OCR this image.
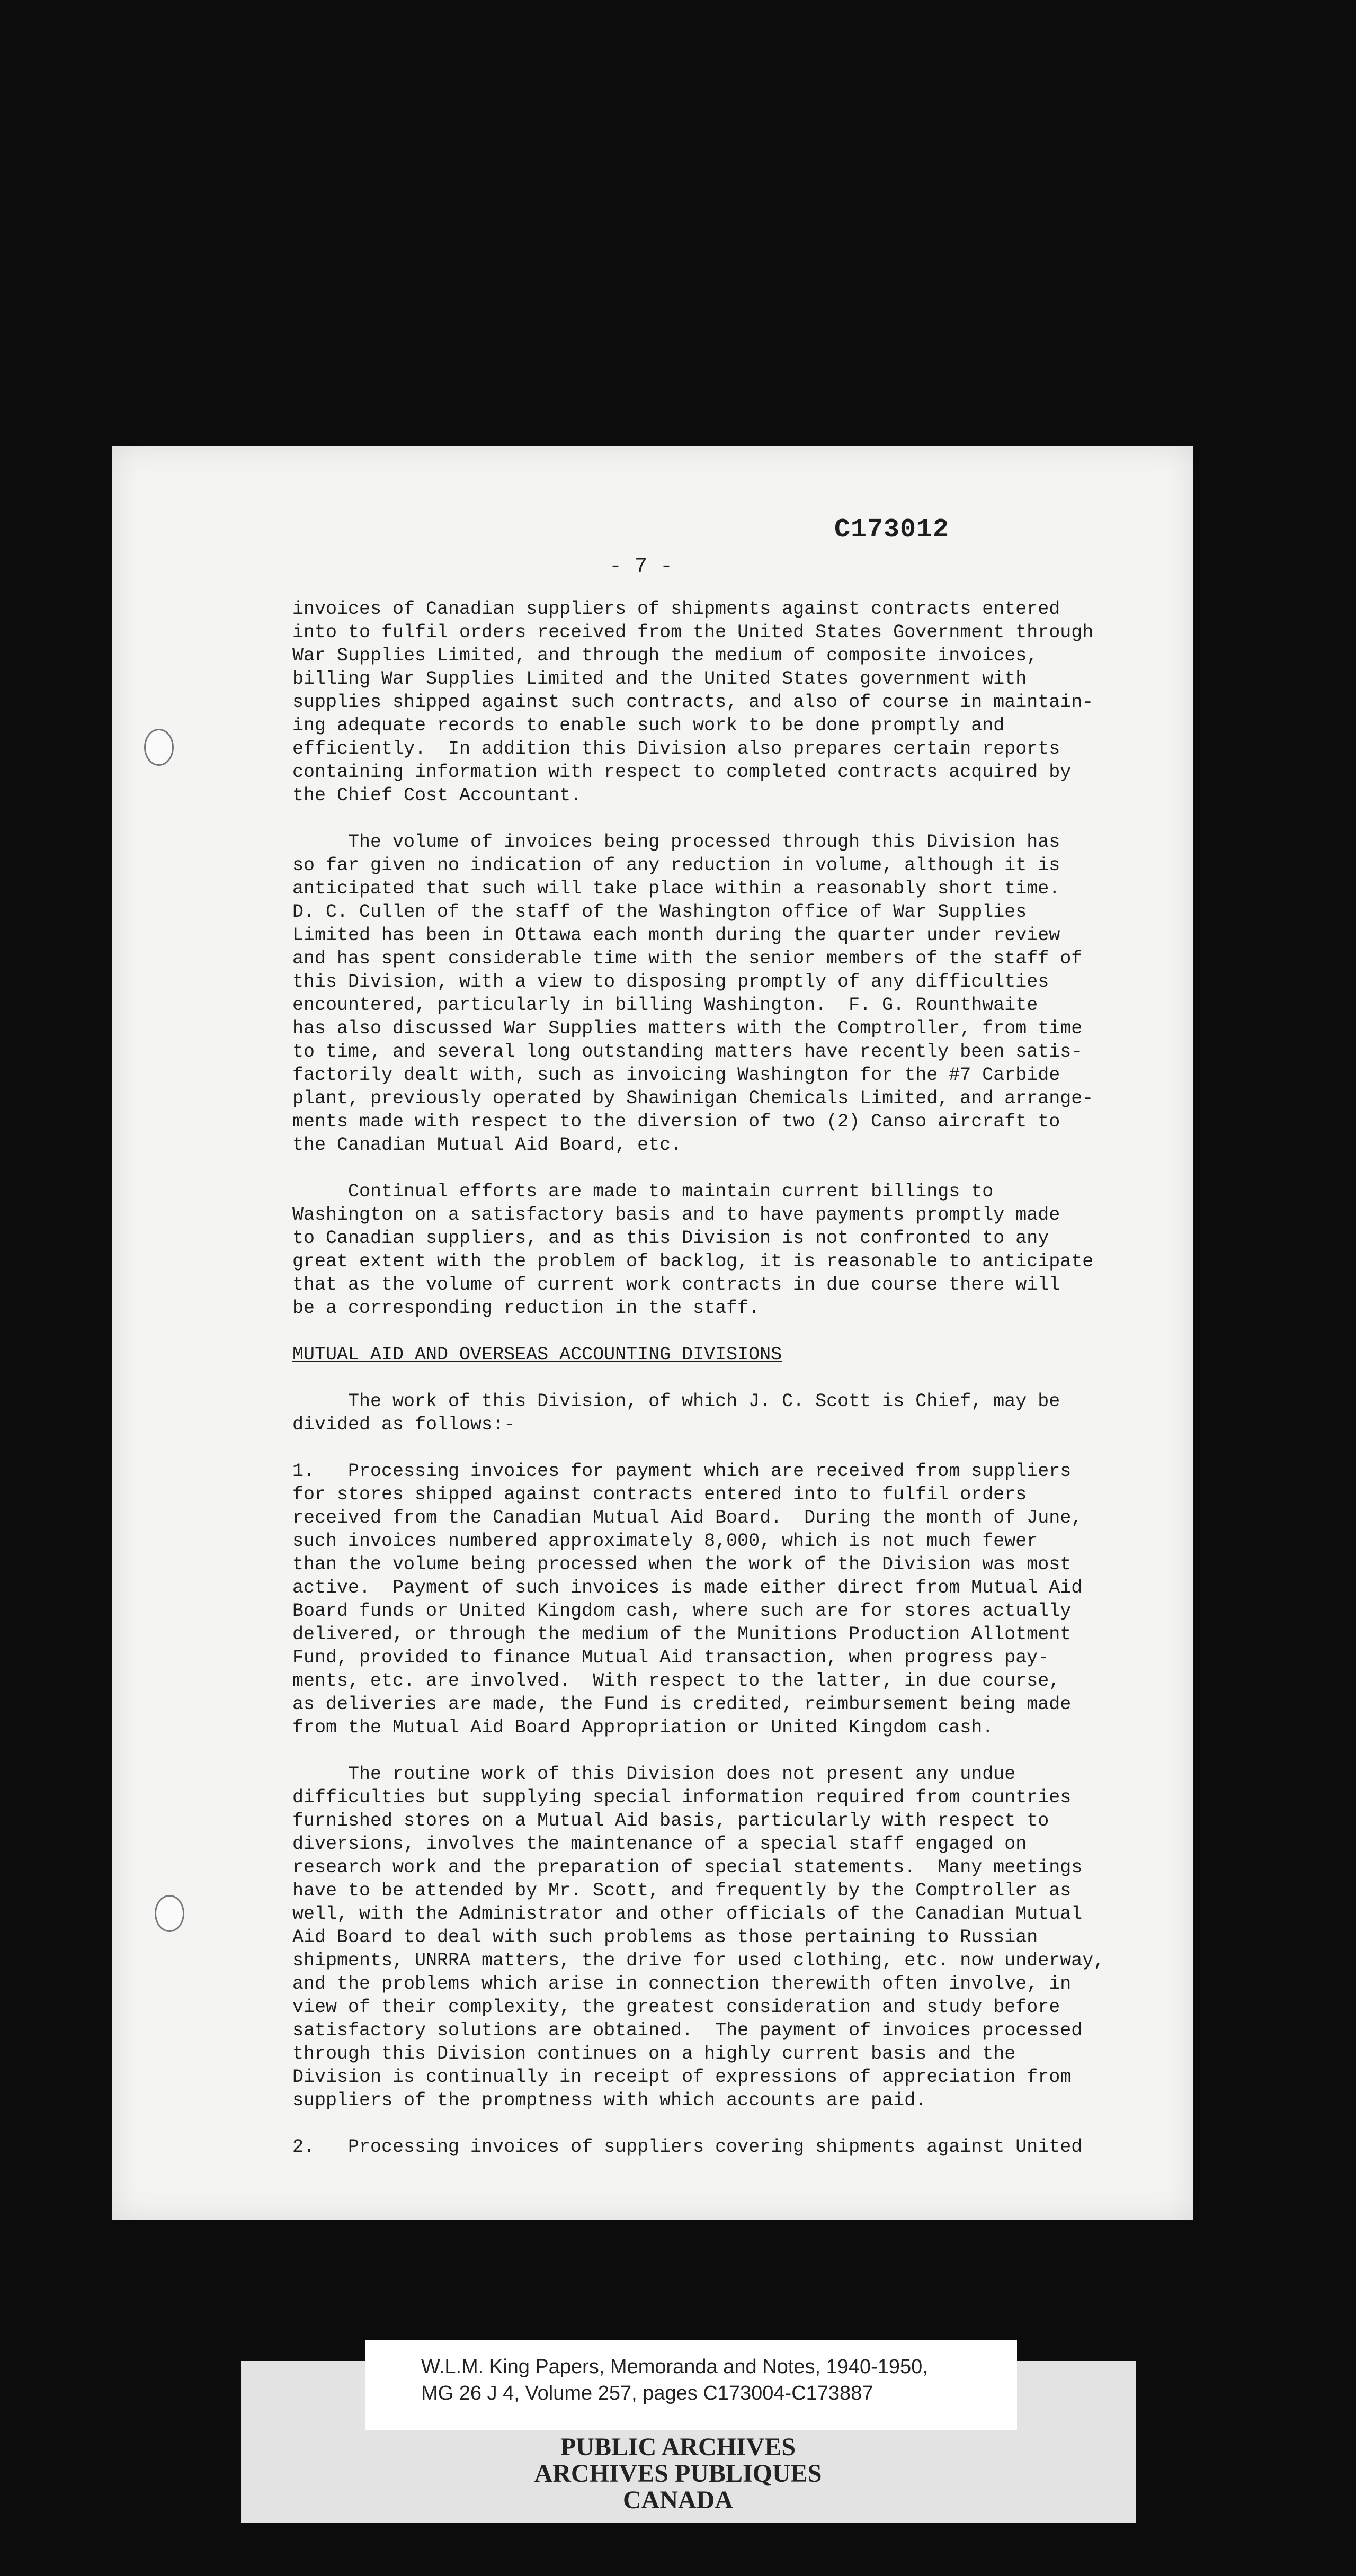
C173012
- 7 -

invoices of Canadian suppliers of shipments against contracts entered

into to fulfil orders received from the United States Government through

War Supplies Limited, and through the medium of composite invoices,

billing War Supplies Limited and the United States government with

supplies shipped against such contracts, and also of course in maintain-

ing adequate records to enable such work to be done promptly and

efficiently.  In addition this Division also prepares certain reports

containing information with respect to completed contracts acquired by

the Chief Cost Accountant.

The volume of invoices being processed through this Division has

so far given no indication of any reduction in volume, although it is

anticipated that such will take place within a reasonably short time.

D. C. Cullen of the staff of the Washington office of War Supplies

Limited has been in Ottawa each month during the quarter under review

and has spent considerable time with the senior members of the staff of

this Division, with a view to disposing promptly of any difficulties

encountered, particularly in billing Washington.  F. G. Rounthwaite

has also discussed War Supplies matters with the Comptroller, from time

to time, and several long outstanding matters have recently been satis-

factorily dealt with, such as invoicing Washington for the #7 Carbide

plant, previously operated by Shawinigan Chemicals Limited, and arrange-

ments made with respect to the diversion of two (2) Canso aircraft to

the Canadian Mutual Aid Board, etc.

Continual efforts are made to maintain current billings to

Washington on a satisfactory basis and to have payments promptly made

to Canadian suppliers, and as this Division is not confronted to any

great extent with the problem of backlog, it is reasonable to anticipate

that as the volume of current work contracts in due course there will

be a corresponding reduction in the staff.

MUTUAL AID AND OVERSEAS ACCOUNTING DIVISIONS

The work of this Division, of which J. C. Scott is Chief, may be

divided as follows:-

1.   Processing invoices for payment which are received from suppliers

for stores shipped against contracts entered into to fulfil orders

received from the Canadian Mutual Aid Board.  During the month of June,

such invoices numbered approximately 8,000, which is not much fewer

than the volume being processed when the work of the Division was most

active.  Payment of such invoices is made either direct from Mutual Aid

Board funds or United Kingdom cash, where such are for stores actually

delivered, or through the medium of the Munitions Production Allotment

Fund, provided to finance Mutual Aid transaction, when progress pay-

ments, etc. are involved.  With respect to the latter, in due course,

as deliveries are made, the Fund is credited, reimbursement being made

from the Mutual Aid Board Appropriation or United Kingdom cash.

The routine work of this Division does not present any undue

difficulties but supplying special information required from countries

furnished stores on a Mutual Aid basis, particularly with respect to

diversions, involves the maintenance of a special staff engaged on

research work and the preparation of special statements.  Many meetings

have to be attended by Mr. Scott, and frequently by the Comptroller as

well, with the Administrator and other officials of the Canadian Mutual

Aid Board to deal with such problems as those pertaining to Russian

shipments, UNRRA matters, the drive for used clothing, etc. now underway,

and the problems which arise in connection therewith often involve, in

view of their complexity, the greatest consideration and study before

satisfactory solutions are obtained.  The payment of invoices processed

through this Division continues on a highly current basis and the

Division is continually in receipt of expressions of appreciation from

suppliers of the promptness with which accounts are paid.

2.   Processing invoices of suppliers covering shipments against United

W.L.M. King Papers, Memoranda and Notes, 1940-1950,
MG 26 J 4, Volume 257, pages C173004-C173887
PUBLIC ARCHIVES
ARCHIVES PUBLIQUES
CANADA
